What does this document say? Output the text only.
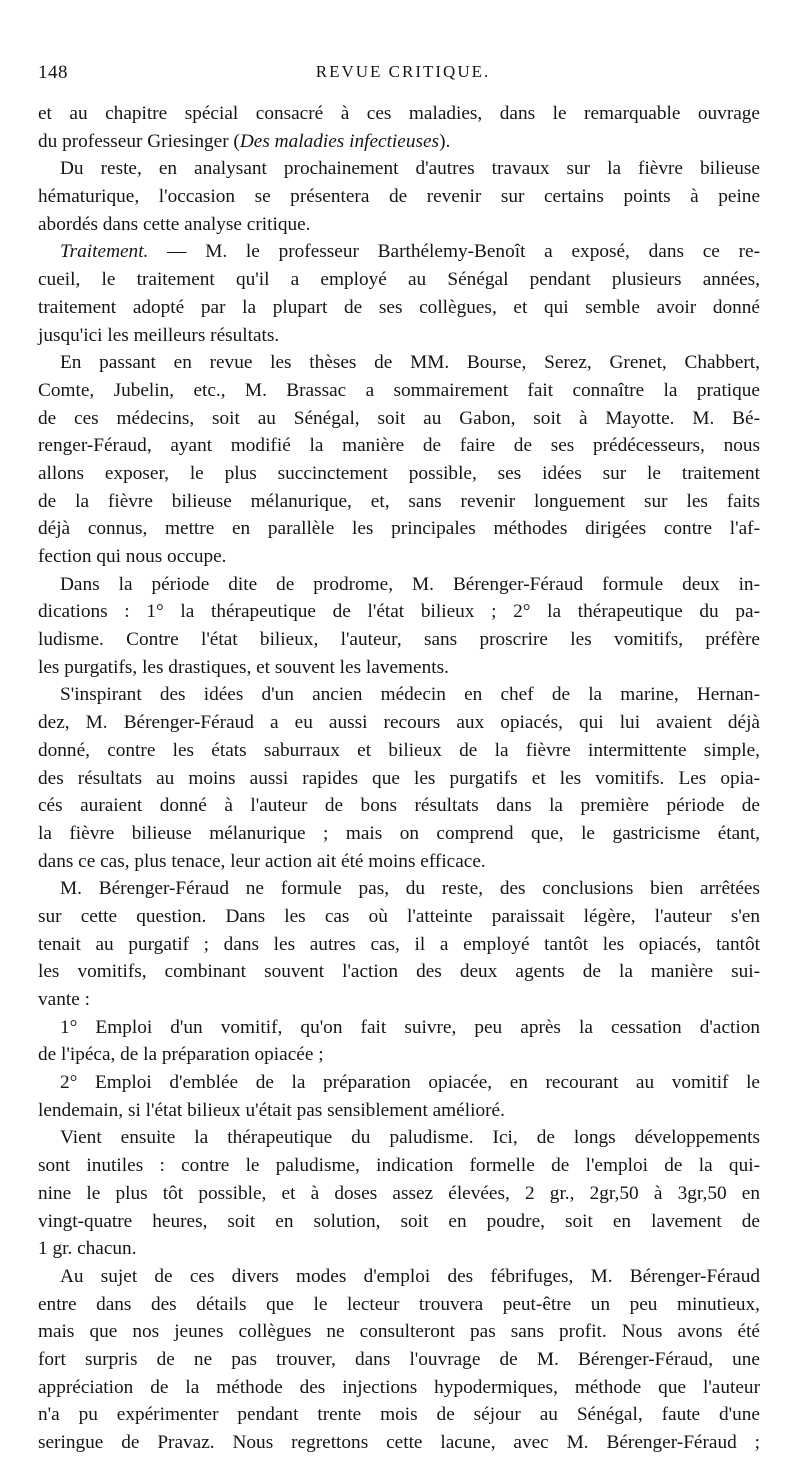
148	REVUE CRITIQUE.
et au chapitre spécial consacré à ces maladies, dans le remarquable ouvrage
du professeur Griesinger (Des maladies infectieuses).
Du reste, en analysant prochainement d'autres travaux sur la fièvre bilieuse
hématurique, l'occasion se présentera de revenir sur certains points à peine
abordés dans cette analyse critique.
Traitement. — M. le professeur Barthélemy-Benoît a exposé, dans ce re-
cueil, le traitement qu'il a employé au Sénégal pendant plusieurs années,
traitement adopté par la plupart de ses collègues, et qui semble avoir donné
jusqu'ici les meilleurs résultats.
En passant en revue les thèses de MM. Bourse, Serez, Grenet, Chabbert,
Comte, Jubelin, etc., M. Brassac a sommairement fait connaître la pratique
de ces médecins, soit au Sénégal, soit au Gabon, soit à Mayotte. M. Bé-
renger-Féraud, ayant modifié la manière de faire de ses prédécesseurs, nous
allons exposer, le plus succinctement possible, ses idées sur le traitement
de la fièvre bilieuse mélanurique, et, sans revenir longuement sur les faits
déjà connus, mettre en parallèle les principales méthodes dirigées contre l'af-
fection qui nous occupe.
Dans la période dite de prodrome, M. Bérenger-Féraud formule deux in-
dications : 1° la thérapeutique de l'état bilieux ; 2° la thérapeutique du pa-
ludisme. Contre l'état bilieux, l'auteur, sans proscrire les vomitifs, préfère
les purgatifs, les drastiques, et souvent les lavements.
S'inspirant des idées d'un ancien médecin en chef de la marine, Hernan-
dez, M. Bérenger-Féraud a eu aussi recours aux opiacés, qui lui avaient déjà
donné, contre les états saburraux et bilieux de la fièvre intermittente simple,
des résultats au moins aussi rapides que les purgatifs et les vomitifs. Les opia-
cés auraient donné à l'auteur de bons résultats dans la première période de
la fièvre bilieuse mélanurique ; mais on comprend que, le gastricisme étant,
dans ce cas, plus tenace, leur action ait été moins efficace.
M. Bérenger-Féraud ne formule pas, du reste, des conclusions bien arrêtées
sur cette question. Dans les cas où l'atteinte paraissait légère, l'auteur s'en
tenait au purgatif ; dans les autres cas, il a employé tantôt les opiacés, tantôt
les vomitifs, combinant souvent l'action des deux agents de la manière sui-
vante :
1° Emploi d'un vomitif, qu'on fait suivre, peu après la cessation d'action
de l'ipéca, de la préparation opiacée ;
2° Emploi d'emblée de la préparation opiacée, en recourant au vomitif le
lendemain, si l'état bilieux u'était pas sensiblement amélioré.
Vient ensuite la thérapeutique du paludisme. Ici, de longs développements
sont inutiles : contre le paludisme, indication formelle de l'emploi de la qui-
nine le plus tôt possible, et à doses assez élevées, 2 gr., 2gr,50 à 3gr,50 en
vingt-quatre heures, soit en solution, soit en poudre, soit en lavement de
1 gr. chacun.
Au sujet de ces divers modes d'emploi des fébrifuges, M. Bérenger-Féraud
entre dans des détails que le lecteur trouvera peut-être un peu minutieux,
mais que nos jeunes collègues ne consulteront pas sans profit. Nous avons été
fort surpris de ne pas trouver, dans l'ouvrage de M. Bérenger-Féraud, une
appréciation de la méthode des injections hypodermiques, méthode que l'auteur
n'a pu expérimenter pendant trente mois de séjour au Sénégal, faute d'une
seringue de Pravaz. Nous regrettons cette lacune, avec M. Bérenger-Féraud ;
